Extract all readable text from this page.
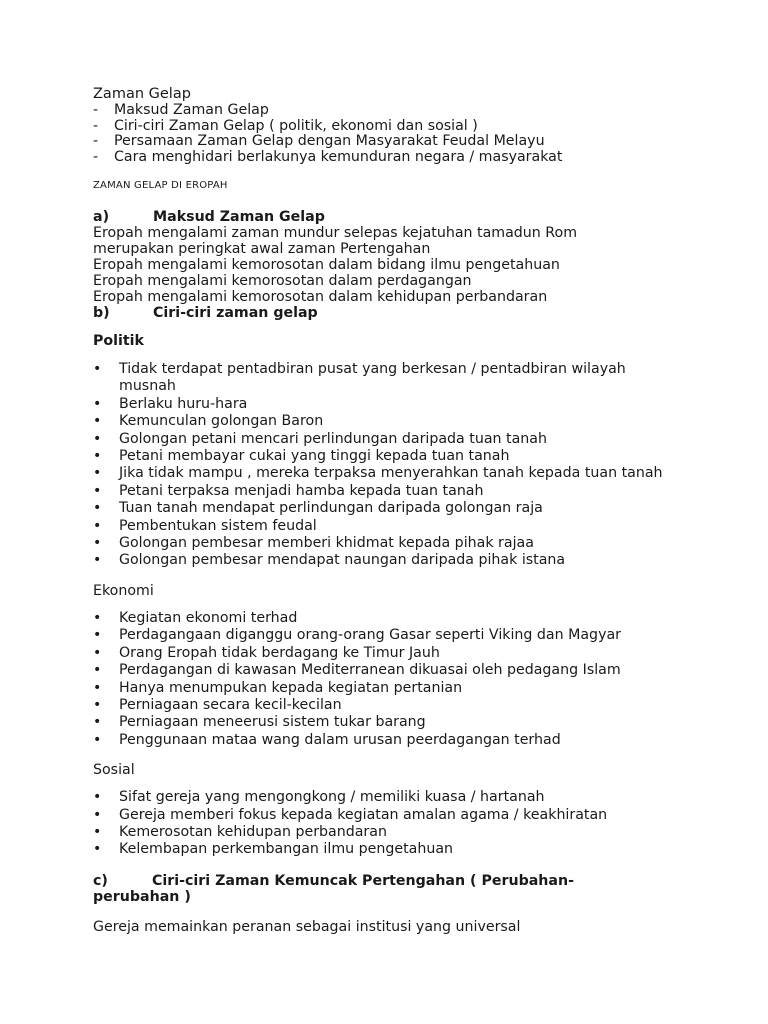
Zaman Gelap
- Maksud Zaman Gelap
- Ciri-ciri Zaman Gelap ( politik, ekonomi dan sosial )
- Persamaan Zaman Gelap dengan Masyarakat Feudal Melayu
- Cara menghidari berlakunya kemunduran negara / masyarakat
ZAMAN GELAP DI EROPAH
a)	Maksud Zaman Gelap
Eropah mengalami zaman mundur selepas kejatuhan tamadun Rom
merupakan peringkat awal zaman Pertengahan
Eropah mengalami kemorosotan dalam bidang ilmu pengetahuan
Eropah mengalami kemorosotan dalam perdagangan
Eropah mengalami kemorosotan dalam kehidupan perbandaran
b)	Ciri-ciri zaman gelap
Politik
• Tidak terdapat pentadbiran pusat yang berkesan / pentadbiran wilayah musnah
• Berlaku huru-hara
• Kemunculan golongan Baron
• Golongan petani mencari perlindungan daripada tuan tanah
• Petani membayar cukai yang tinggi kepada tuan tanah
• Jika tidak mampu , mereka terpaksa menyerahkan tanah kepada tuan tanah
• Petani terpaksa menjadi hamba kepada tuan tanah
• Tuan tanah mendapat perlindungan daripada golongan raja
• Pembentukan sistem feudal
• Golongan pembesar memberi khidmat kepada pihak rajaa
• Golongan pembesar mendapat naungan daripada pihak istana
Ekonomi
• Kegiatan ekonomi terhad
• Perdagangaan diganggu orang-orang Gasar seperti Viking dan Magyar
• Orang Eropah tidak berdagang ke Timur Jauh
• Perdagangan di kawasan Mediterranean dikuasai oleh pedagang Islam
• Hanya menumpukan kepada kegiatan pertanian
• Perniagaan secara kecil-kecilan
• Perniagaan meneerusi sistem tukar barang
• Penggunaan mataa wang dalam urusan peerdagangan terhad
Sosial
• Sifat gereja yang mengongkong / memiliki kuasa / hartanah
• Gereja memberi fokus kepada kegiatan amalan agama / keakhiratan
• Kemerosotan kehidupan perbandaran
• Kelembapan perkembangan ilmu pengetahuan
c)	Ciri-ciri Zaman Kemuncak Pertengahan ( Perubahan-
perubahan )
Gereja memainkan peranan sebagai institusi yang universal
